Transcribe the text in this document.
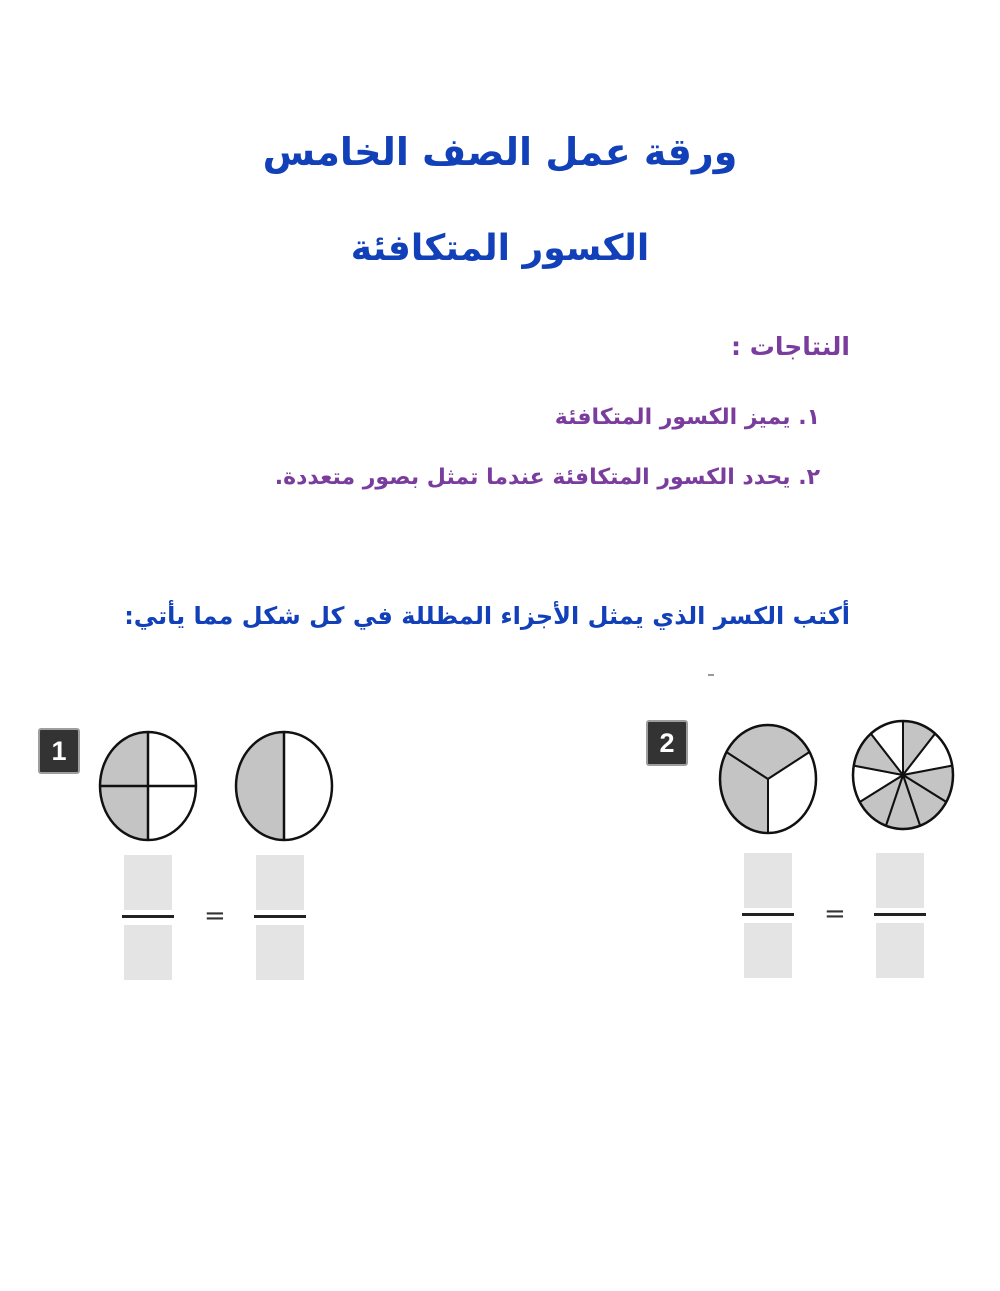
ورقة عمل الصف الخامس
الكسور المتكافئة
النتاجات :
١. يميز الكسور المتكافئة
٢. يحدد الكسور المتكافئة عندما تمثل بصور متعددة.

أكتب الكسر الذي يمثل الأجزاء المظللة في كل شكل مما يأتي:

1
=
2
=
